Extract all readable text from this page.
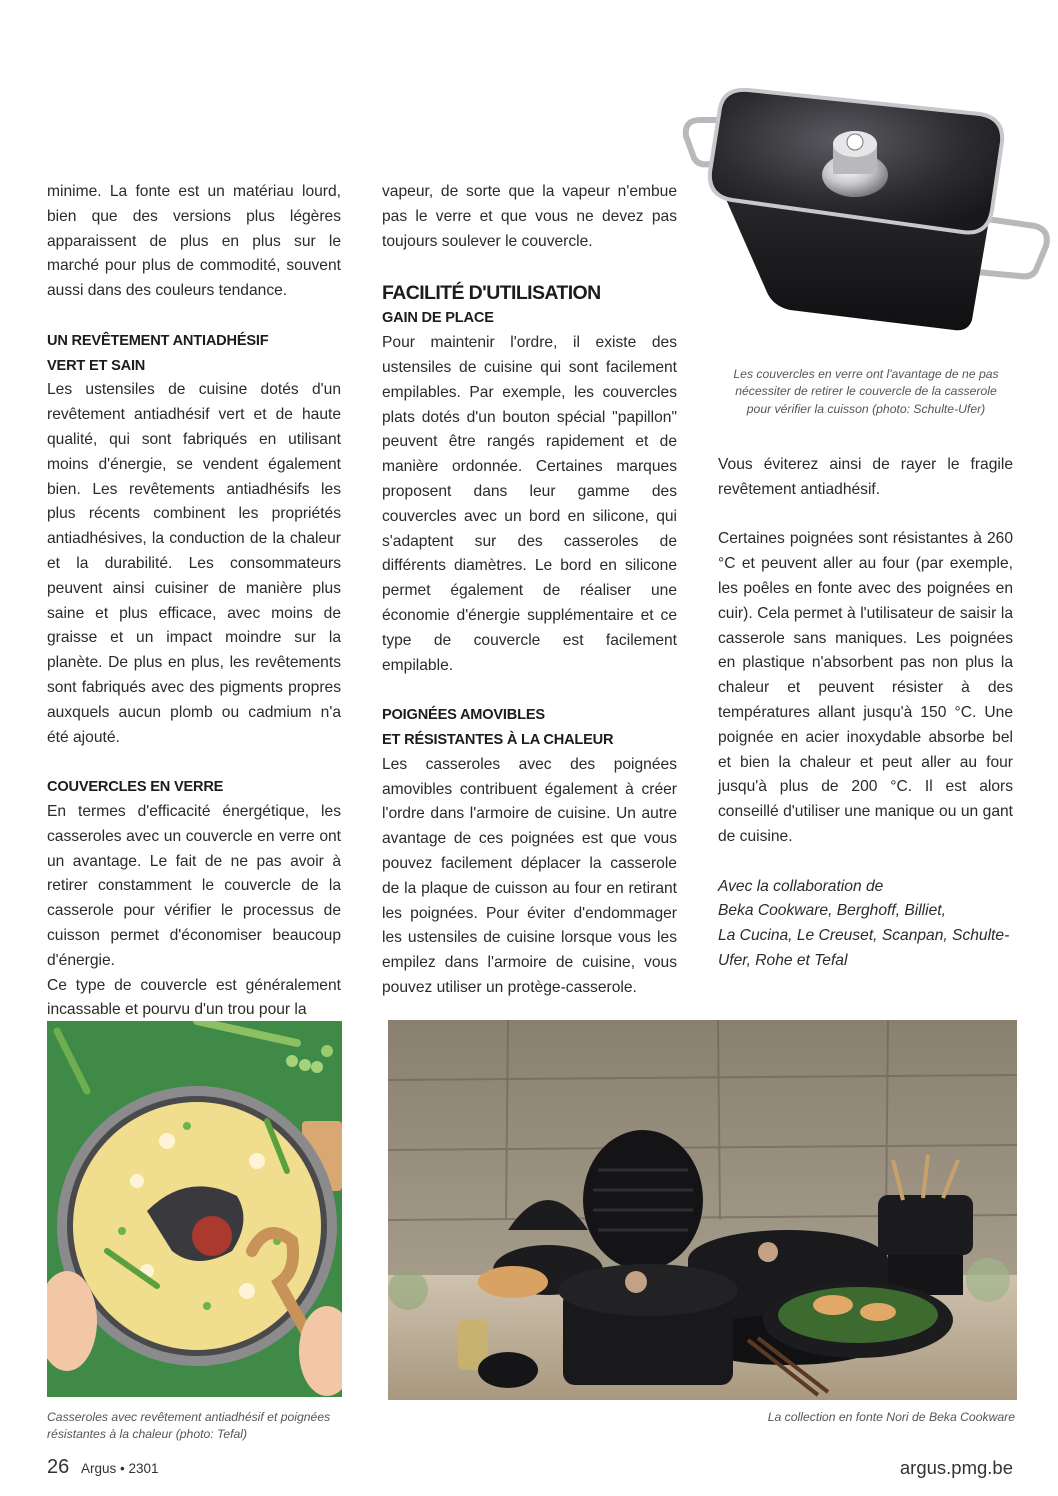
Les couvercles en verre ont l'avantage de ne pas
nécessiter de retirer le couvercle de la casserole
pour vérifier la cuisson (photo: Schulte-Ufer)

minime. La fonte est un matériau lourd, bien que des versions plus légères apparaissent de plus en plus sur le marché pour plus de commodité, souvent aussi dans des couleurs tendance.

UN REVÊTEMENT ANTIADHÉSIF
VERT ET SAIN

Les ustensiles de cuisine dotés d'un revêtement antiadhésif vert et de haute qualité, qui sont fabriqués en utilisant moins d'énergie, se vendent également bien. Les revêtements antiadhésifs les plus récents combinent les propriétés antiadhésives, la conduction de la chaleur et la durabilité. Les consommateurs peuvent ainsi cuisiner de manière plus saine et plus efficace, avec moins de graisse et un impact moindre sur la planète. De plus en plus, les revêtements sont fabriqués avec des pigments propres auxquels aucun plomb ou cadmium n'a été ajouté.

COUVERCLES EN VERRE

En termes d'efficacité énergétique, les casseroles avec un couvercle en verre ont un avantage. Le fait de ne pas avoir à retirer constamment le couvercle de la casserole pour vérifier le processus de cuisson permet d'économiser beaucoup d'énergie.

Ce type de couvercle est généralement incassable et pourvu d'un trou pour la

vapeur, de sorte que la vapeur n'embue pas le verre et que vous ne devez pas toujours soulever le couvercle.

FACILITÉ D'UTILISATION
GAIN DE PLACE

Pour maintenir l'ordre, il existe des ustensiles de cuisine qui sont facilement empilables. Par exemple, les couvercles plats dotés d'un bouton spécial "papillon" peuvent être rangés rapidement et de manière ordonnée. Certaines marques proposent dans leur gamme des couvercles avec un bord en silicone, qui s'adaptent sur des casseroles de différents diamètres. Le bord en silicone permet également de réaliser une économie d'énergie supplémentaire et ce type de couvercle est facilement empilable.

POIGNÉES AMOVIBLES
ET RÉSISTANTES À LA CHALEUR

Les casseroles avec des poignées amovibles contribuent également à créer l'ordre dans l'armoire de cuisine. Un autre avantage de ces poignées est que vous pouvez facilement déplacer la casserole de la plaque de cuisson au four en retirant les poignées. Pour éviter d'endommager les ustensiles de cuisine lorsque vous les empilez dans l'armoire de cuisine, vous pouvez utiliser un protège-casserole.

Vous éviterez ainsi de rayer le fragile revêtement antiadhésif.

Certaines poignées sont résistantes à 260 °C et peuvent aller au four (par exemple, les poêles en fonte avec des poignées en cuir). Cela permet à l'utilisateur de saisir la casserole sans maniques. Les poignées en plastique n'absorbent pas non plus la chaleur et peuvent résister à des températures allant jusqu'à 150 °C. Une poignée en acier inoxydable absorbe bel et bien la chaleur et peut aller au four jusqu'à plus de 200 °C. Il est alors conseillé d'utiliser une manique ou un gant de cuisine.

Avec la collaboration de

Beka Cookware, Berghoff, Billiet,

La Cucina, Le Creuset, Scanpan, Schulte-

Ufer, Rohe et Tefal

Casseroles avec revêtement antiadhésif et poignées
résistantes à la chaleur (photo: Tefal)
La collection en fonte Nori de Beka Cookware
26 Argus • 2301	argus.pmg.be
